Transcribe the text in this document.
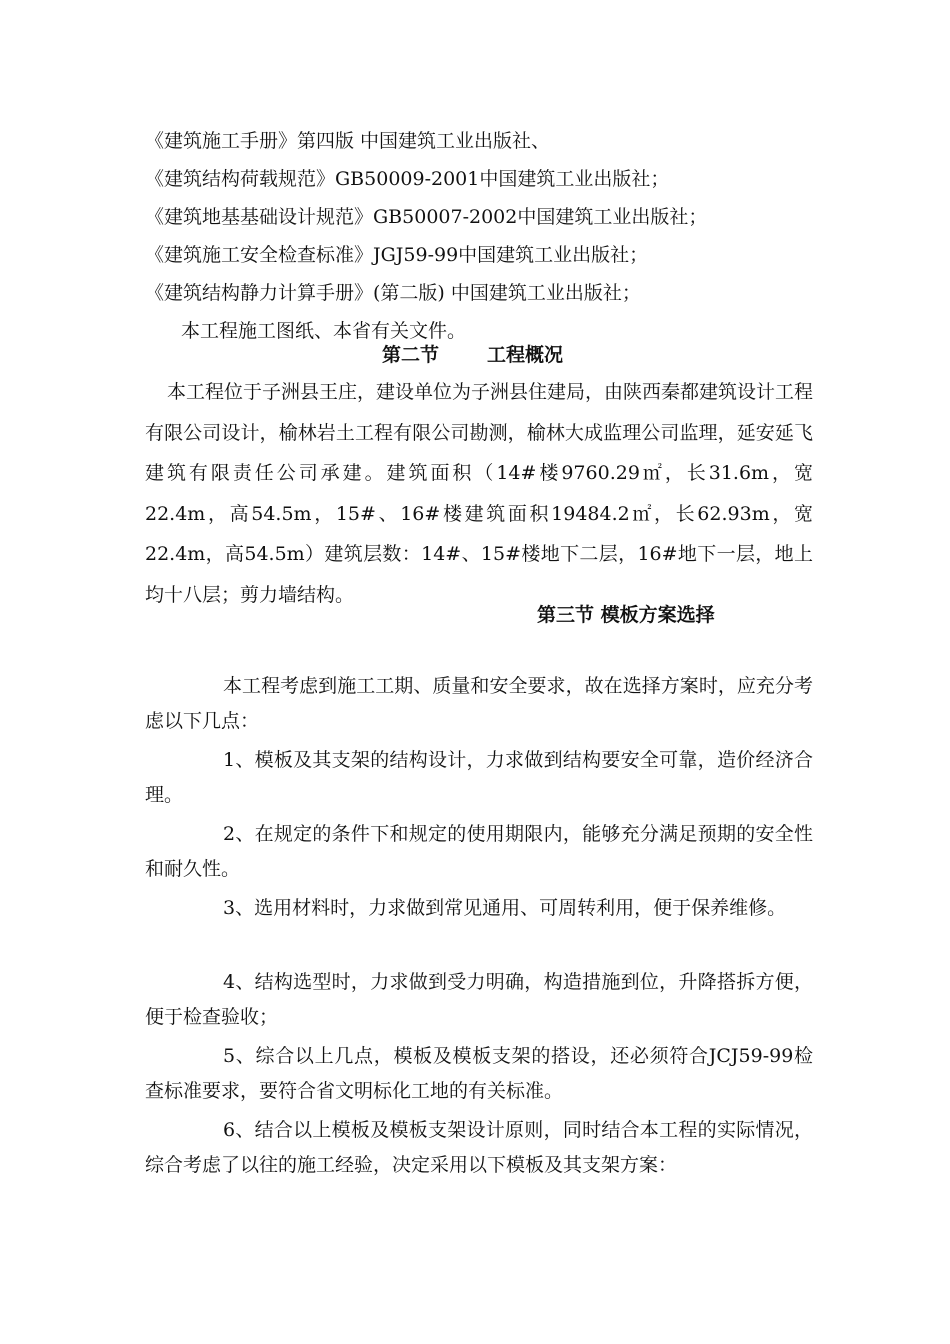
《建筑施工手册》第四版 中国建筑工业出版社、
《建筑结构荷载规范》GB50009-2001中国建筑工业出版社；
《建筑地基基础设计规范》GB50007-2002中国建筑工业出版社；
《建筑施工安全检查标准》JGJ59-99中国建筑工业出版社；
《建筑结构静力计算手册》(第二版) 中国建筑工业出版社；
本工程施工图纸、本省有关文件。
第二节	工程概况
本工程位于子洲县王庄，建设单位为子洲县住建局，由陕西秦都建筑设计工程有限公司设计，榆林岩土工程有限公司勘测，榆林大成监理公司监理，延安延飞建筑有限责任公司承建。建筑面积（14#楼9760.29㎡，长31.6m，宽22.4m，高54.5m，15#、16#楼建筑面积19484.2㎡，长62.93m，宽22.4m，高54.5m）建筑层数：14#、15#楼地下二层，16#地下一层，地上均十八层；剪力墙结构。
第三节 模板方案选择
本工程考虑到施工工期、质量和安全要求，故在选择方案时，应充分考虑以下几点：
1、模板及其支架的结构设计，力求做到结构要安全可靠，造价经济合理。
2、在规定的条件下和规定的使用期限内，能够充分满足预期的安全性和耐久性。
3、选用材料时，力求做到常见通用、可周转利用，便于保养维修。
4、结构选型时，力求做到受力明确，构造措施到位，升降搭拆方便，便于检查验收；
5、综合以上几点，模板及模板支架的搭设，还必须符合JCJ59-99检查标准要求，要符合省文明标化工地的有关标准。
6、结合以上模板及模板支架设计原则，同时结合本工程的实际情况，综合考虑了以往的施工经验，决定采用以下模板及其支架方案：
